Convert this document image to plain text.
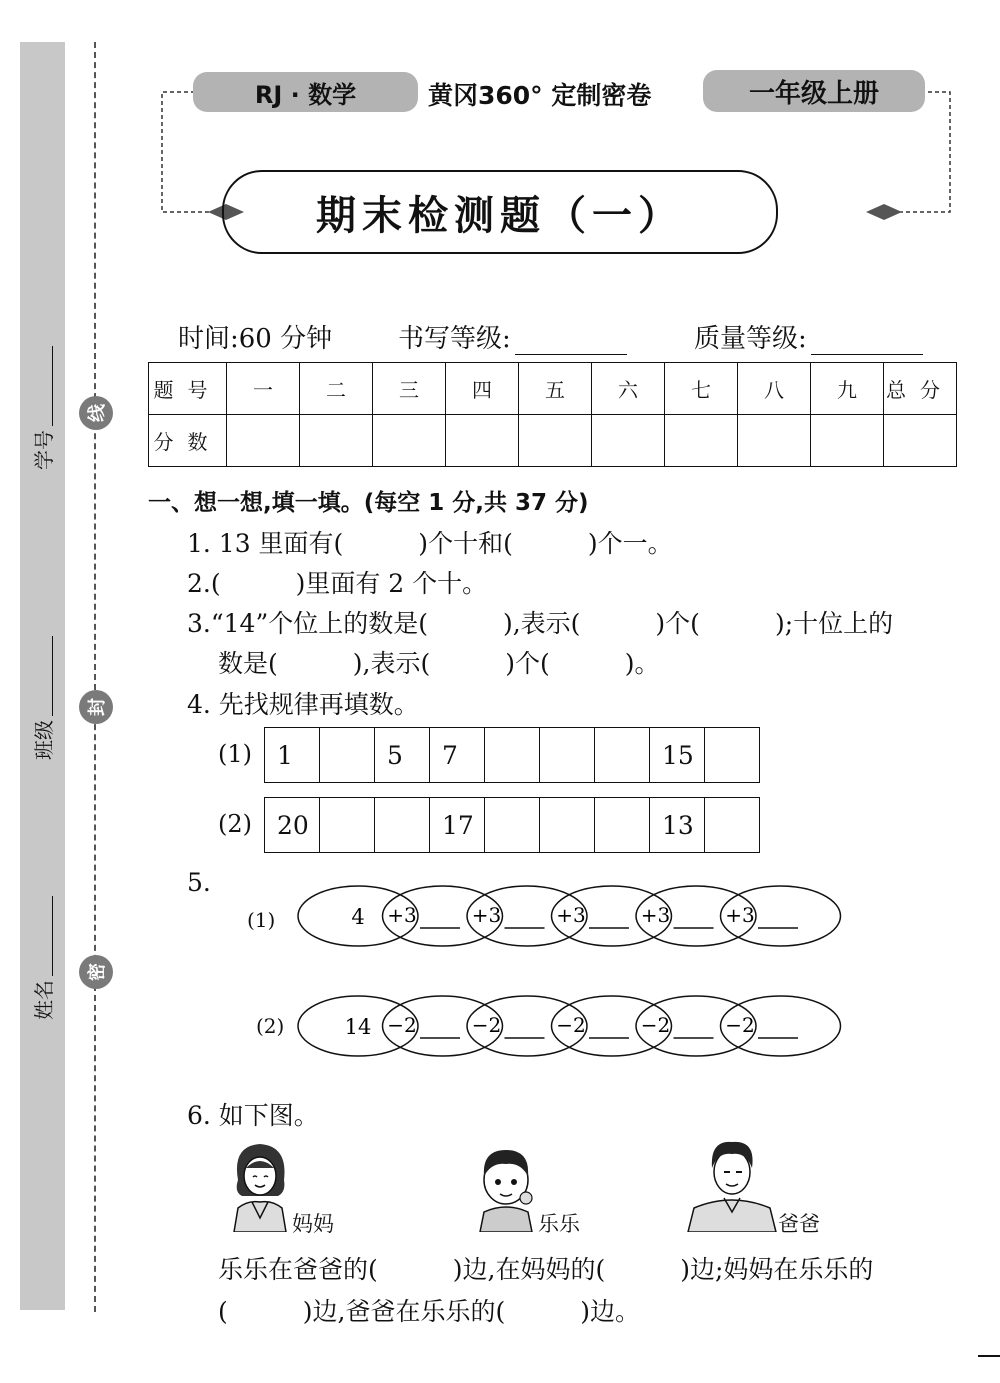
学号
班级
姓名
线
封
密
RJ · 数学	黄冈360° 定制密卷	一年级上册
期末检测题（一）
时间:60 分钟	书写等级:	质量等级:
题号	一	二	三	四	五	六	七	八	九	总分
分数										
一、想一想,填一填。(每空 1 分,共 37 分)
1. 13 里面有(　　　)个十和(　　　)个一。
2.(　　　)里面有 2 个十。
3.“14”个位上的数是(　　　),表示(　　　)个(　　　);十位上的
数是(　　　),表示(　　　)个(　　　)。
4. 先找规律再填数。
(1) 1		5	7				15	
(2) 20			17				13	
5.
(1)
(2)
4 +3	+3	+3	+3	+3
14 −2	−2	−2	−2	−2
6. 如下图。
妈妈	乐乐	爸爸
乐乐在爸爸的(　　　)边,在妈妈的(　　　)边;妈妈在乐乐的
(　　　)边,爸爸在乐乐的(　　　)边。
